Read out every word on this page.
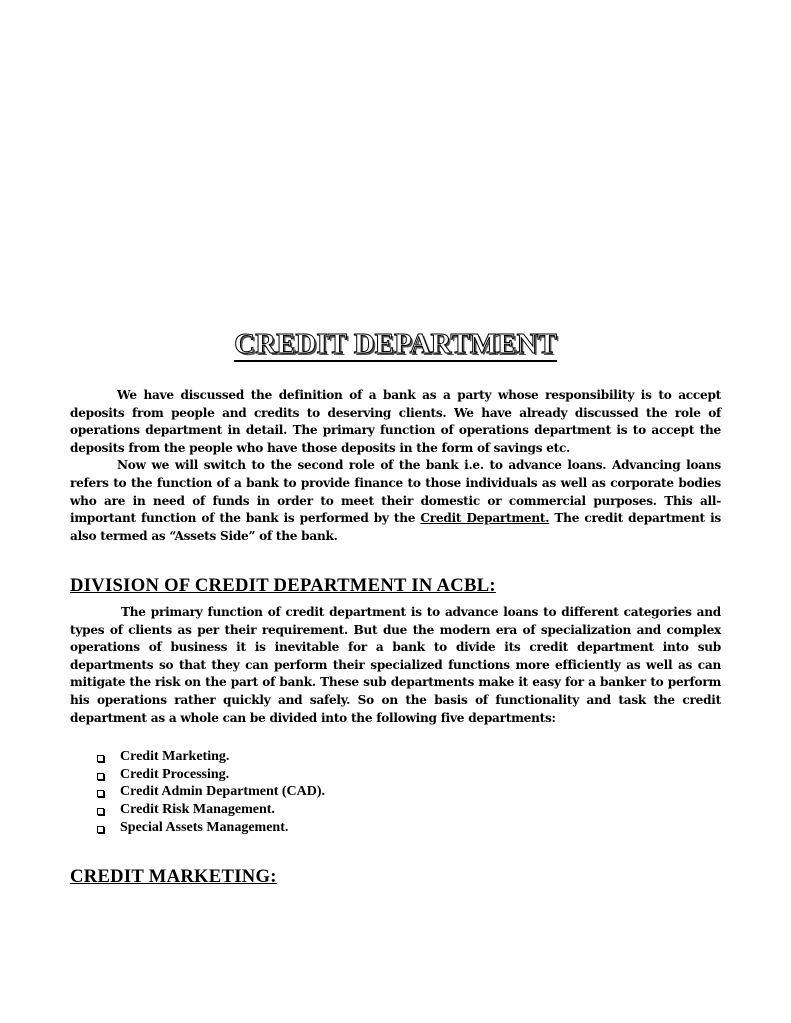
CREDIT DEPARTMENT

We have discussed the definition of a bank as a party whose responsibility is to accept deposits from people and credits to deserving clients. We have already discussed the role of operations department in detail. The primary function of operations department is to accept the deposits from the people who have those deposits in the form of savings etc.

Now we will switch to the second role of the bank i.e. to advance loans. Advancing loans refers to the function of a bank to provide finance to those individuals as well as corporate bodies who are in need of funds in order to meet their domestic or commercial purposes. This all-important function of the bank is performed by the Credit Department. The credit department is also termed as “Assets Side” of the bank.

DIVISION OF CREDIT DEPARTMENT IN ACBL:

The primary function of credit department is to advance loans to different categories and types of clients as per their requirement. But due the modern era of specialization and complex operations of business it is inevitable for a bank to divide its credit department into sub departments so that they can perform their specialized functions more efficiently as well as can mitigate the risk on the part of bank. These sub departments make it easy for a banker to perform his operations rather quickly and safely. So on the basis of functionality and task the credit department as a whole can be divided into the following five departments:

Credit Marketing.
Credit Processing.
Credit Admin Department (CAD).
Credit Risk Management.
Special Assets Management.
CREDIT MARKETING:
